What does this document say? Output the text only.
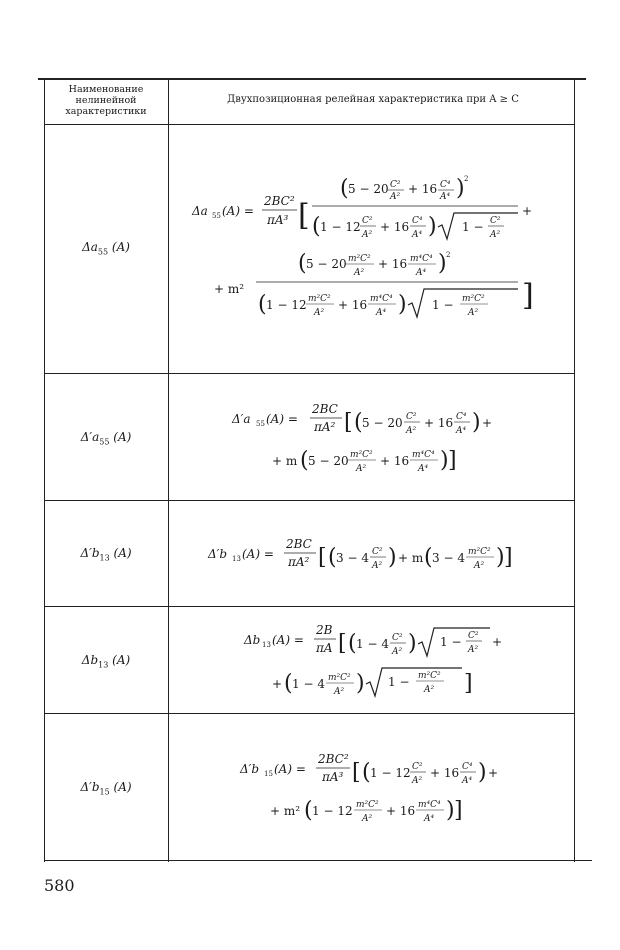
Наименование
нелинейной
характеристики
Двухпозиционная релейная характеристика при A ≥ C
$\Delta a_{55}$ (A)
$\Delta'a_{55}$ (A)
$\Delta'b_{13}$ (A)
$\Delta b_{13}$ (A)
$\Delta'b_{15}$ (A)
Δa 55 (A) =
2BC²
πA³ [
( 5 − 20 C²
A²
+ 16 C⁴
A⁴ ) 2
( 1 − 12 C²
A²
+ 16 C⁴
A⁴ ) 1 − C²
A²
+
+ m²
( 5 − 20 m²C²
A²
+ 16 m⁴C⁴
A⁴ ) 2
( 1 − 12 m²C²
A²
+ 16 m⁴C⁴
A⁴ ) 1 − m²C²
A² ]
Δ′a 55 (A) =
2BC
πA² [ ( 5 − 20 C²
A²
+ 16 C⁴
A⁴ ) +
+ m ( 5 − 20 m²C²
A²
+ 16 m⁴C⁴
A⁴ ) ]
Δ′b 13 (A) =
2BC
πA² [ ( 3 − 4 C²
A² ) + m ( 3 − 4 m²C²
A² ) ]
Δb 13 (A) =
2B
πA [ ( 1 − 4 C²
A² ) 1 − C²
A²
+
+ ( 1 − 4 m²C²
A² ) 1 − m²C²
A² ]
Δ′b 15 (A) =
2BC²
πA³ [ ( 1 − 12 C²
A²
+ 16 C⁴
A⁴ ) +
+ m² ( 1 − 12 m²C²
A²
+ 16 m⁴C⁴
A⁴ ) ]
580
